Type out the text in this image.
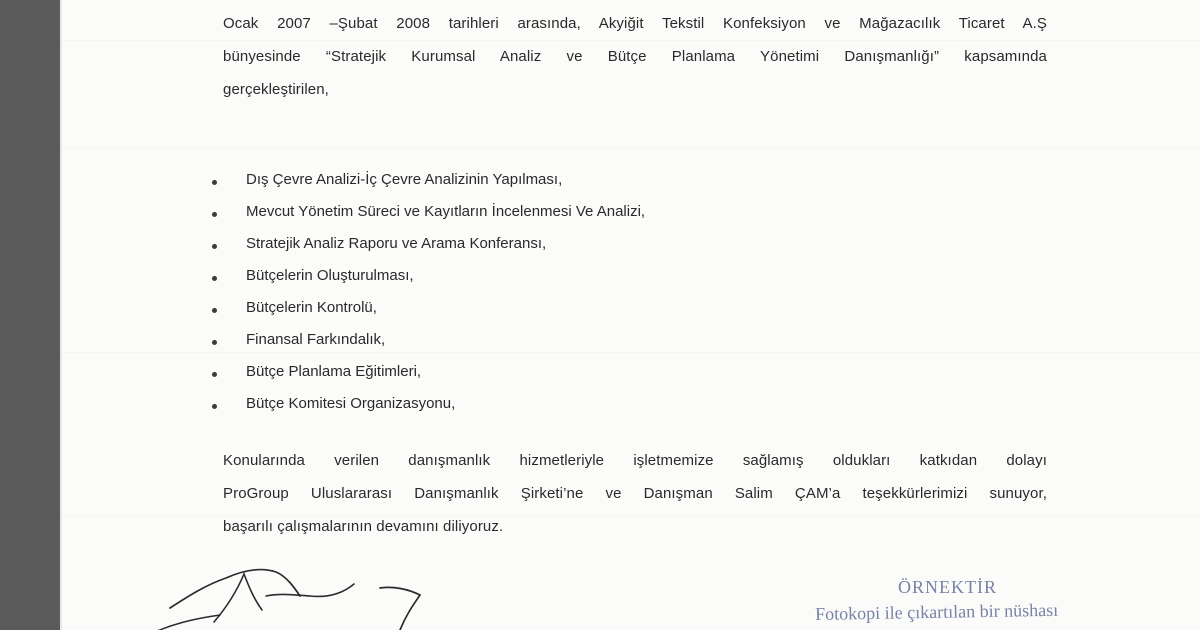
Ocak 2007 –Şubat 2008 tarihleri arasında, Akyiğit Tekstil Konfeksiyon ve Mağazacılık Ticaret A.Ş
bünyesinde “Stratejik Kurumsal Analiz ve Bütçe Planlama Yönetimi Danışmanlığı” kapsamında
gerçekleştirilen,
Dış Çevre Analizi-İç Çevre Analizinin Yapılması,
Mevcut Yönetim Süreci ve Kayıtların İncelenmesi Ve Analizi,
Stratejik Analiz Raporu ve Arama Konferansı,
Bütçelerin Oluşturulması,
Bütçelerin Kontrolü,
Finansal Farkındalık,
Bütçe Planlama Eğitimleri,
Bütçe Komitesi Organizasyonu,
Konularında verilen danışmanlık hizmetleriyle işletmemize sağlamış oldukları katkıdan dolayı
ProGroup Uluslararası Danışmanlık Şirketi’ne ve Danışman Salim ÇAM’a teşekkürlerimizi sunuyor,
başarılı çalışmalarının devamını diliyoruz.
ÖRNEKTİR
Fotokopi ile çıkartılan bir nüshası
